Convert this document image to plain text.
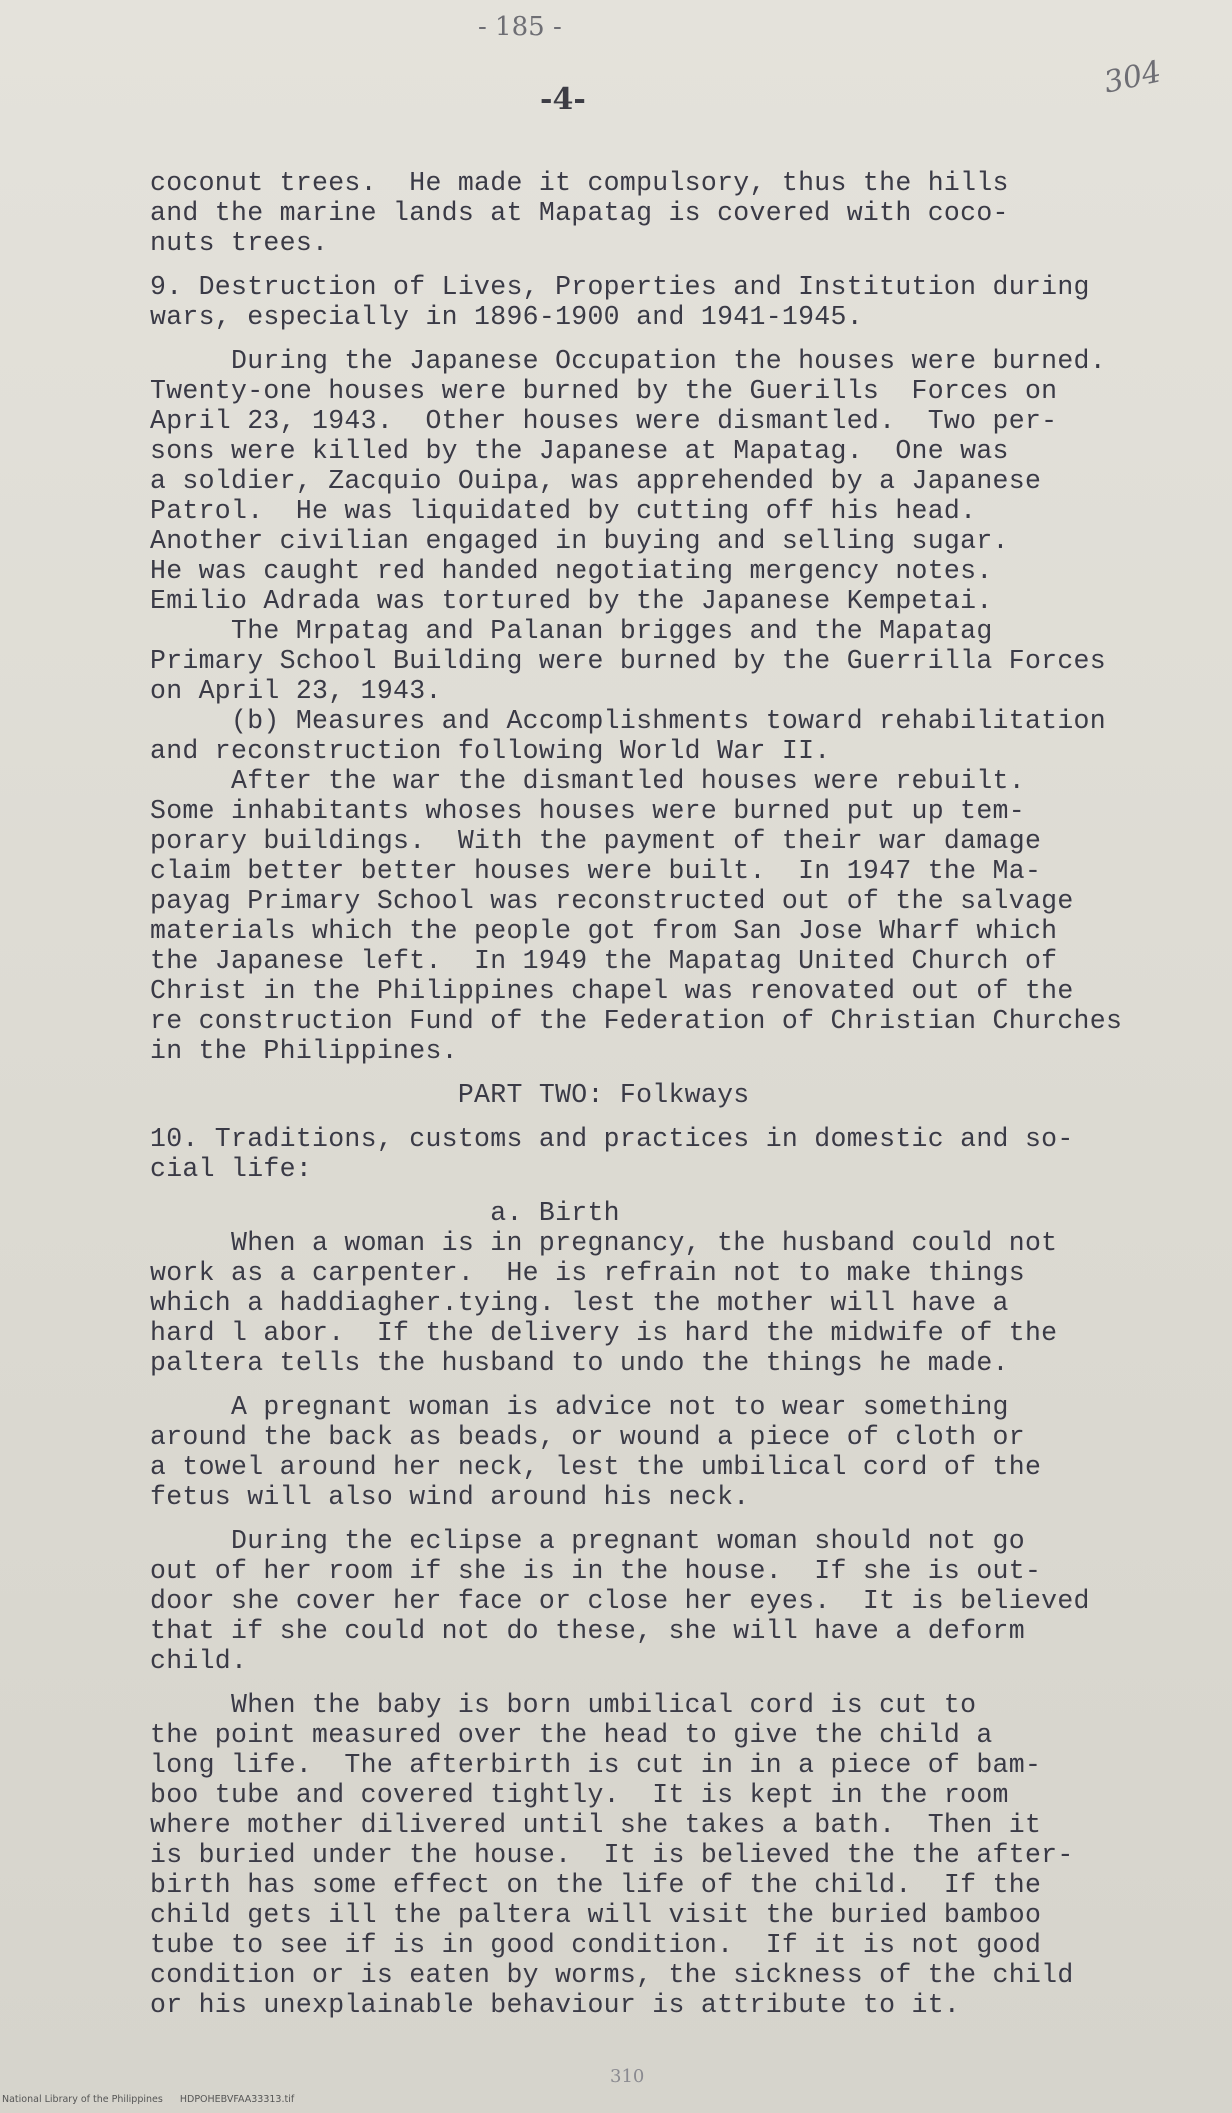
- 185 -
-4-	304
coconut trees.  He made it compulsory, thus the hills
and the marine lands at Mapatag is covered with coco-
nuts trees.
9. Destruction of Lives, Properties and Institution during
wars, especially in 1896-1900 and 1941-1945.
During the Japanese Occupation the houses were burned.
Twenty-one houses were burned by the Guerills  Forces on
April 23, 1943.  Other houses were dismantled.  Two per-
sons were killed by the Japanese at Mapatag.  One was
a soldier, Zacquio Ouipa, was apprehended by a Japanese
Patrol.  He was liquidated by cutting off his head.
Another civilian engaged in buying and selling sugar.
He was caught red handed negotiating mergency notes.
Emilio Adrada was tortured by the Japanese Kempetai.
The Mrpatag and Palanan brigges and the Mapatag
Primary School Building were burned by the Guerrilla Forces
on April 23, 1943.
(b) Measures and Accomplishments toward rehabilitation
and reconstruction following World War II.
After the war the dismantled houses were rebuilt.
Some inhabitants whoses houses were burned put up tem-
porary buildings.  With the payment of their war damage
claim better better houses were built.  In 1947 the Ma-
payag Primary School was reconstructed out of the salvage
materials which the people got from San Jose Wharf which
the Japanese left.  In 1949 the Mapatag United Church of
Christ in the Philippines chapel was renovated out of the
re construction Fund of the Federation of Christian Churches
in the Philippines.
PART TWO: Folkways
10. Traditions, customs and practices in domestic and so-
cial life:
a. Birth
When a woman is in pregnancy, the husband could not
work as a carpenter.  He is refrain not to make things
which a haddiagher.tying. lest the mother will have a
hard l abor.  If the delivery is hard the midwife of the
paltera tells the husband to undo the things he made.
A pregnant woman is advice not to wear something
around the back as beads, or wound a piece of cloth or
a towel around her neck, lest the umbilical cord of the
fetus will also wind around his neck.
During the eclipse a pregnant woman should not go
out of her room if she is in the house.  If she is out-
door she cover her face or close her eyes.  It is believed
that if she could not do these, she will have a deform
child.
When the baby is born umbilical cord is cut to
the point measured over the head to give the child a
long life.  The afterbirth is cut in in a piece of bam-
boo tube and covered tightly.  It is kept in the room
where mother dilivered until she takes a bath.  Then it
is buried under the house.  It is believed the the after-
birth has some effect on the life of the child.  If the
child gets ill the paltera will visit the buried bamboo
tube to see if is in good condition.  If it is not good
condition or is eaten by worms, the sickness of the child
or his unexplainable behaviour is attribute to it.
310
National Library of the Philippines HDPOHEBVFAA33313.tif
